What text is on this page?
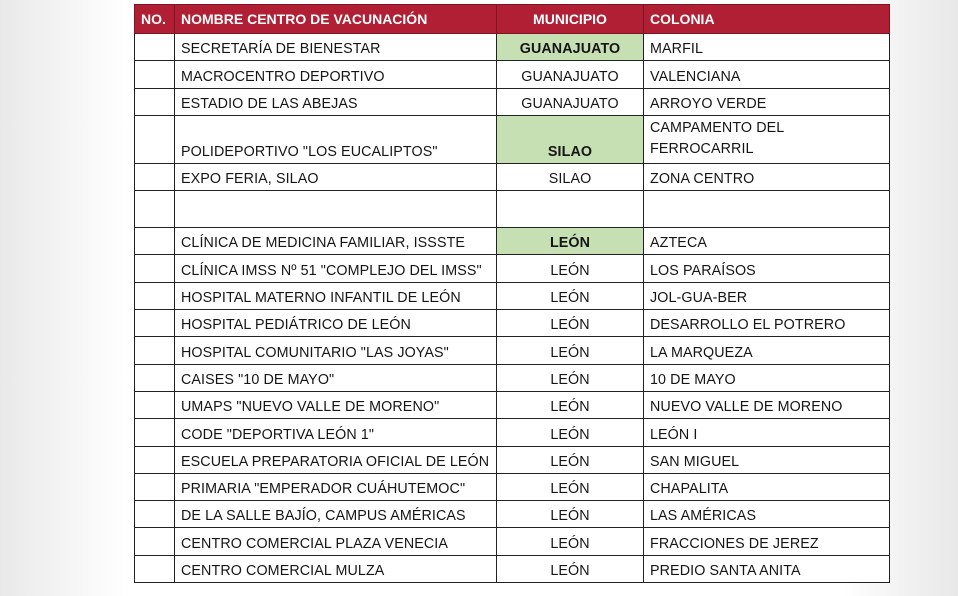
NO.	NOMBRE CENTRO DE VACUNACIÓN	MUNICIPIO	COLONIA
	SECRETARÍA DE BIENESTAR	GUANAJUATO	MARFIL
	MACROCENTRO DEPORTIVO	GUANAJUATO	VALENCIANA
	ESTADIO DE LAS ABEJAS	GUANAJUATO	ARROYO VERDE
	POLIDEPORTIVO "LOS EUCALIPTOS"	SILAO	CAMPAMENTO DEL FERROCARRIL
	EXPO FERIA, SILAO	SILAO	ZONA CENTRO

	CLÍNICA DE MEDICINA FAMILIAR, ISSSTE	LEÓN	AZTECA
	CLÍNICA IMSS Nº 51 "COMPLEJO DEL IMSS"	LEÓN	LOS PARAÍSOS
	HOSPITAL MATERNO INFANTIL DE LEÓN	LEÓN	JOL-GUA-BER
	HOSPITAL PEDIÁTRICO DE LEÓN	LEÓN	DESARROLLO EL POTRERO
	HOSPITAL COMUNITARIO "LAS JOYAS"	LEÓN	LA MARQUEZA
	CAISES "10 DE MAYO"	LEÓN	10 DE MAYO
	UMAPS "NUEVO VALLE DE MORENO"	LEÓN	NUEVO VALLE DE MORENO
	CODE "DEPORTIVA LEÓN 1"	LEÓN	LEÓN I
	ESCUELA PREPARATORIA OFICIAL DE LEÓN	LEÓN	SAN MIGUEL
	PRIMARIA "EMPERADOR CUÁHUTEMOC"	LEÓN	CHAPALITA
	DE LA SALLE BAJÍO, CAMPUS AMÉRICAS	LEÓN	LAS AMÉRICAS
	CENTRO COMERCIAL PLAZA VENECIA	LEÓN	FRACCIONES DE JEREZ
	CENTRO COMERCIAL MULZA	LEÓN	PREDIO SANTA ANITA
